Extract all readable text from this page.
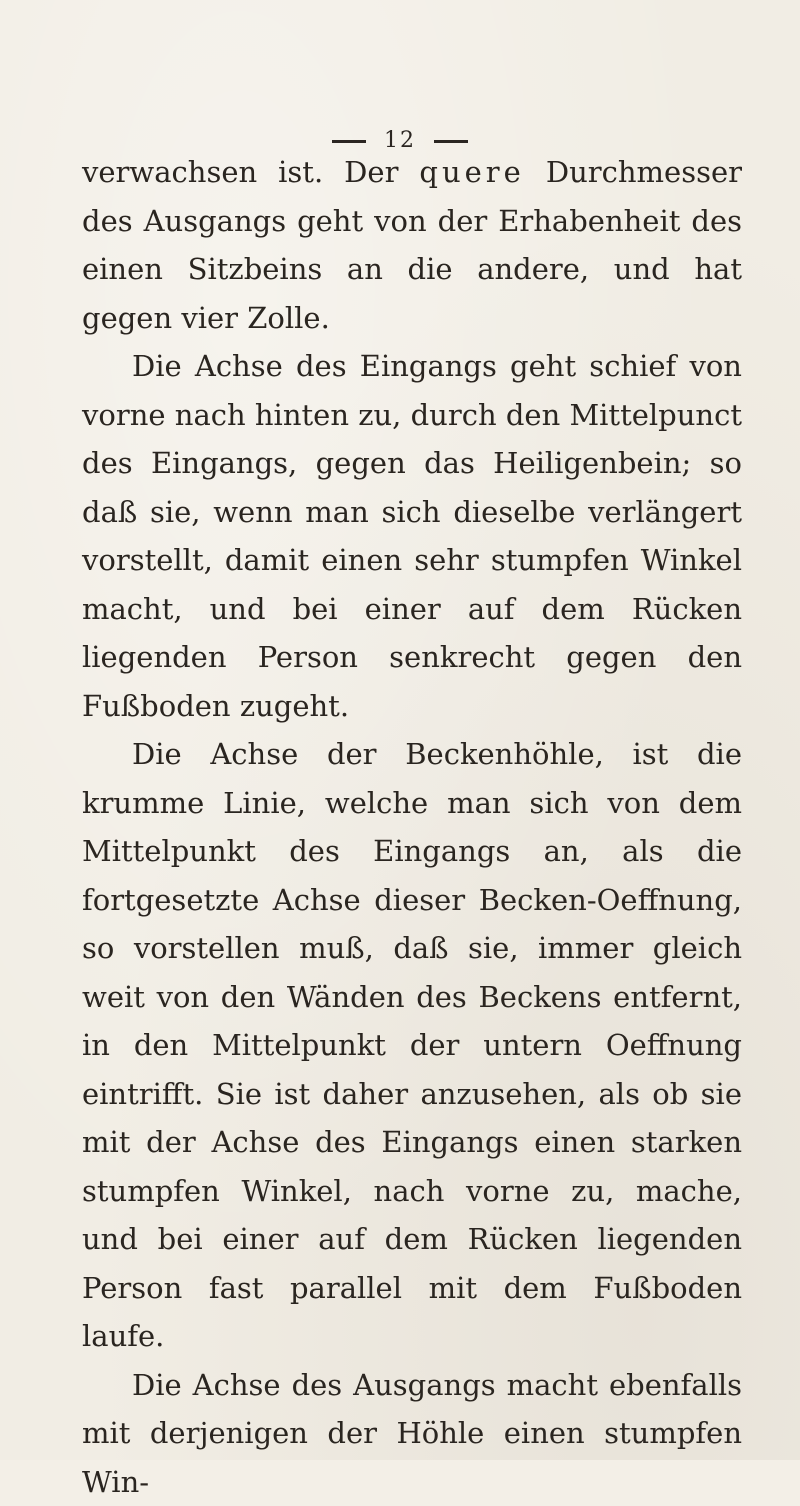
12

verwachsen ist. Der quere Durchmesser des Ausgangs geht von der Erhabenheit des einen Sitzbeins an die andere, und hat gegen vier Zolle.

Die Achse des Eingangs geht schief von vorne nach hinten zu, durch den Mittelpunct des Eingangs, gegen das Heiligenbein; so daß sie, wenn man sich dieselbe verlängert vorstellt, damit einen sehr stumpfen Winkel macht, und bei einer auf dem Rücken liegenden Person senkrecht gegen den Fußboden zugeht.

Die Achse der Beckenhöhle, ist die krumme Linie, welche man sich von dem Mittelpunkt des Eingangs an, als die fortgesetzte Achse dieser Becken-Oeffnung, so vorstellen muß, daß sie, immer gleich weit von den Wänden des Beckens entfernt, in den Mittelpunkt der untern Oeffnung eintrifft. Sie ist daher anzusehen, als ob sie mit der Achse des Eingangs einen starken stumpfen Winkel, nach vorne zu, mache, und bei einer auf dem Rücken liegenden Person fast parallel mit dem Fußboden laufe.

Die Achse des Ausgangs macht ebenfalls mit derjenigen der Höhle einen stumpfen Win-
